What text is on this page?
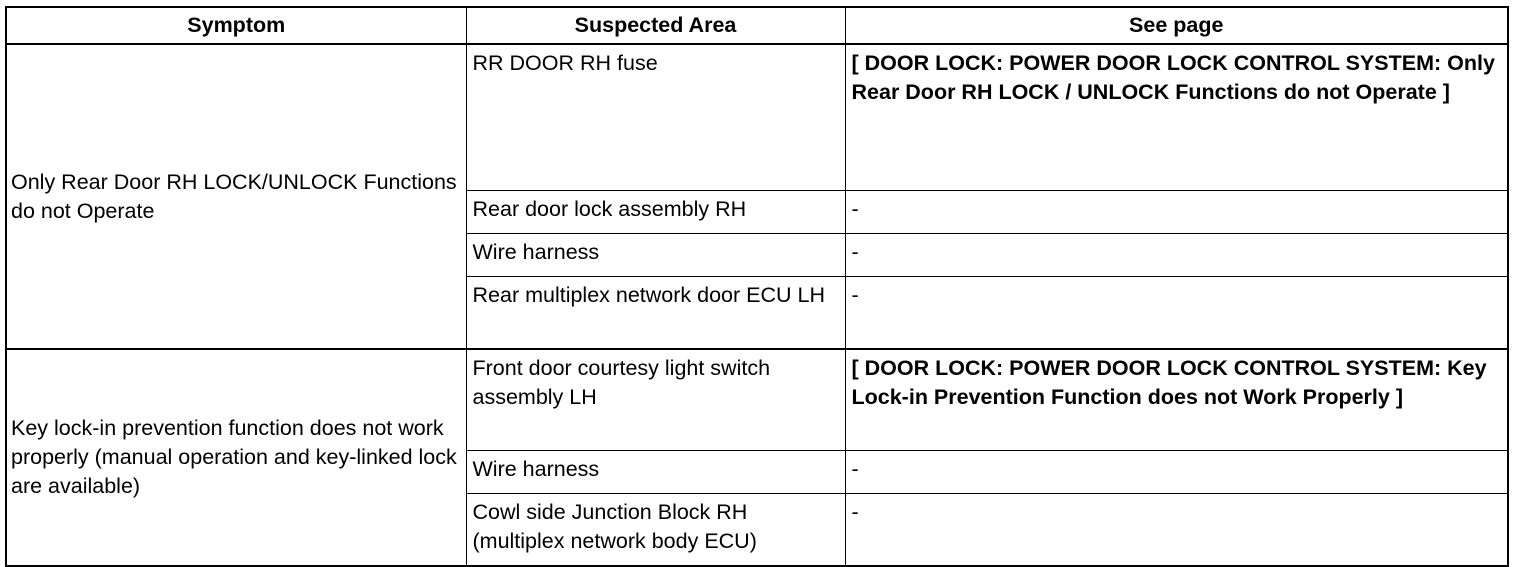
Symptom	Suspected Area	See page
Only Rear Door RH LOCK/UNLOCK Functions do not Operate	RR DOOR RH fuse	[ DOOR LOCK: POWER DOOR LOCK CONTROL SYSTEM: Only Rear Door RH LOCK / UNLOCK Functions do not Operate ]
	Rear door lock assembly RH	-
	Wire harness	-
	Rear multiplex network door ECU LH	-
Key lock-in prevention function does not work properly (manual operation and key-linked lock are available)	Front door courtesy light switch assembly LH	[ DOOR LOCK: POWER DOOR LOCK CONTROL SYSTEM: Key Lock-in Prevention Function does not Work Properly ]
	Wire harness	-
	Cowl side Junction Block RH (multiplex network body ECU)	-
